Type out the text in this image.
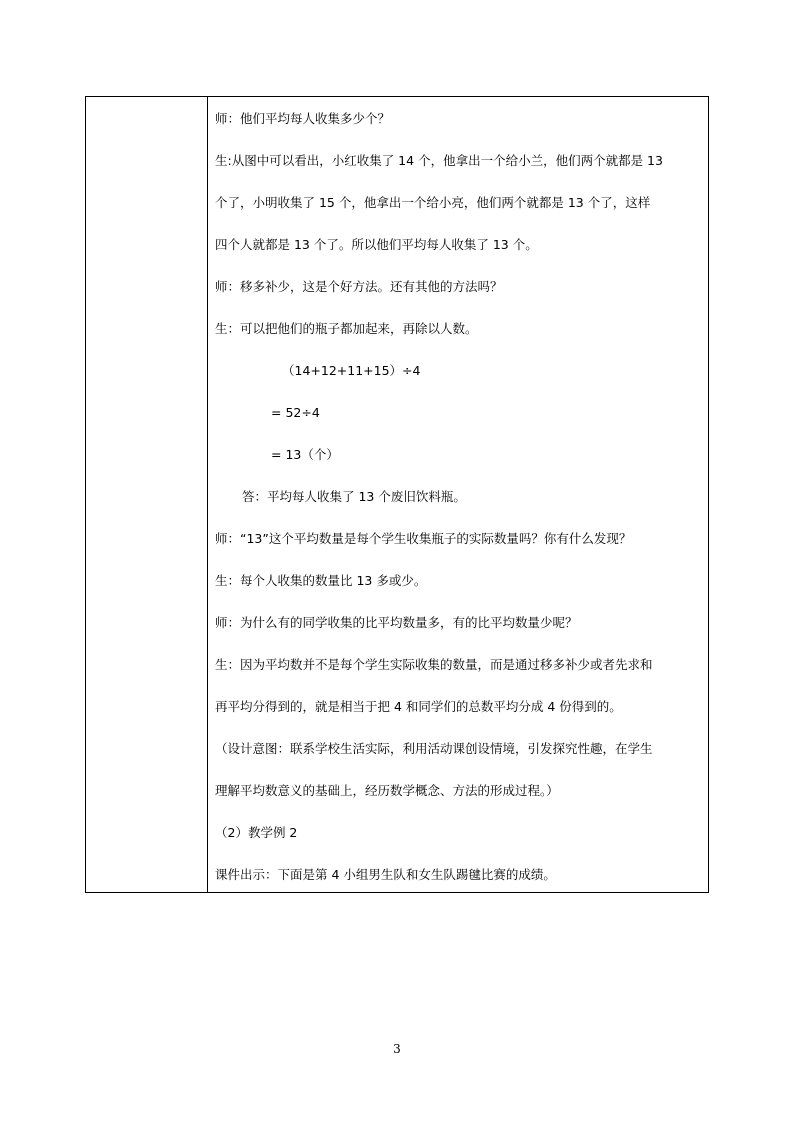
师：他们平均每人收集多少个？
生:从图中可以看出，小红收集了 14 个，他拿出一个给小兰，他们两个就都是 13
个了，小明收集了 15 个，他拿出一个给小亮，他们两个就都是 13 个了，这样
四个人就都是 13 个了。所以他们平均每人收集了 13 个。
师：移多补少，这是个好方法。还有其他的方法吗？
生：可以把他们的瓶子都加起来，再除以人数。
（14+12+11+15）÷4
= 52÷4
= 13（个）
答：平均每人收集了 13 个废旧饮料瓶。
师：“13”这个平均数量是每个学生收集瓶子的实际数量吗？你有什么发现？
生：每个人收集的数量比 13 多或少。
师：为什么有的同学收集的比平均数量多，有的比平均数量少呢？
生：因为平均数并不是每个学生实际收集的数量，而是通过移多补少或者先求和
再平均分得到的，就是相当于把 4 和同学们的总数平均分成 4 份得到的。
（设计意图：联系学校生活实际，利用活动课创设情境，引发探究性趣，在学生
理解平均数意义的基础上，经历数学概念、方法的形成过程。）
（2）教学例 2
课件出示：下面是第 4 小组男生队和女生队踢毽比赛的成绩。
3
